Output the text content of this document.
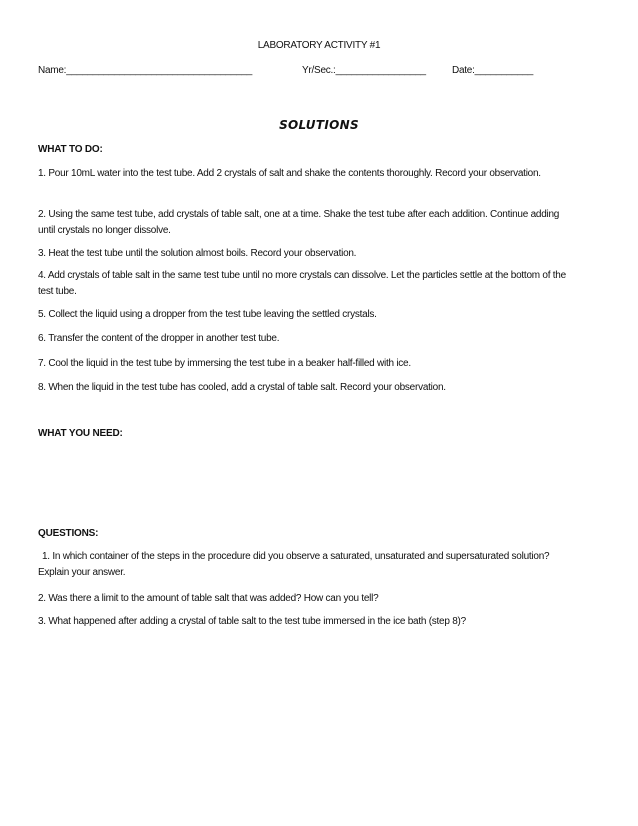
LABORATORY ACTIVITY #1
Name:___________________________________	Yr/Sec.:_________________	Date:___________
SOLUTIONS
WHAT TO DO:
1. Pour 10mL water into the test tube. Add 2 crystals of salt and shake the contents thoroughly. Record your observation.
2. Using the same test tube, add crystals of table salt, one at a time. Shake the test tube after each addition. Continue adding until crystals no longer dissolve.
3. Heat the test tube until the solution almost boils. Record your observation.
4. Add crystals of table salt in the same test tube until no more crystals can dissolve. Let the particles settle at the bottom of the test tube.
5. Collect the liquid using a dropper from the test tube leaving the settled crystals.
6. Transfer the content of the dropper in another test tube.
7. Cool the liquid in the test tube by immersing the test tube in a beaker half-filled with ice.
8. When the liquid in the test tube has cooled, add a crystal of table salt. Record your observation.
WHAT YOU NEED:
QUESTIONS:
1. In which container of the steps in the procedure did you observe a saturated, unsaturated and supersaturated solution? Explain your answer.
2. Was there a limit to the amount of table salt that was added? How can you tell?
3. What happened after adding a crystal of table salt to the test tube immersed in the ice bath (step 8)?
